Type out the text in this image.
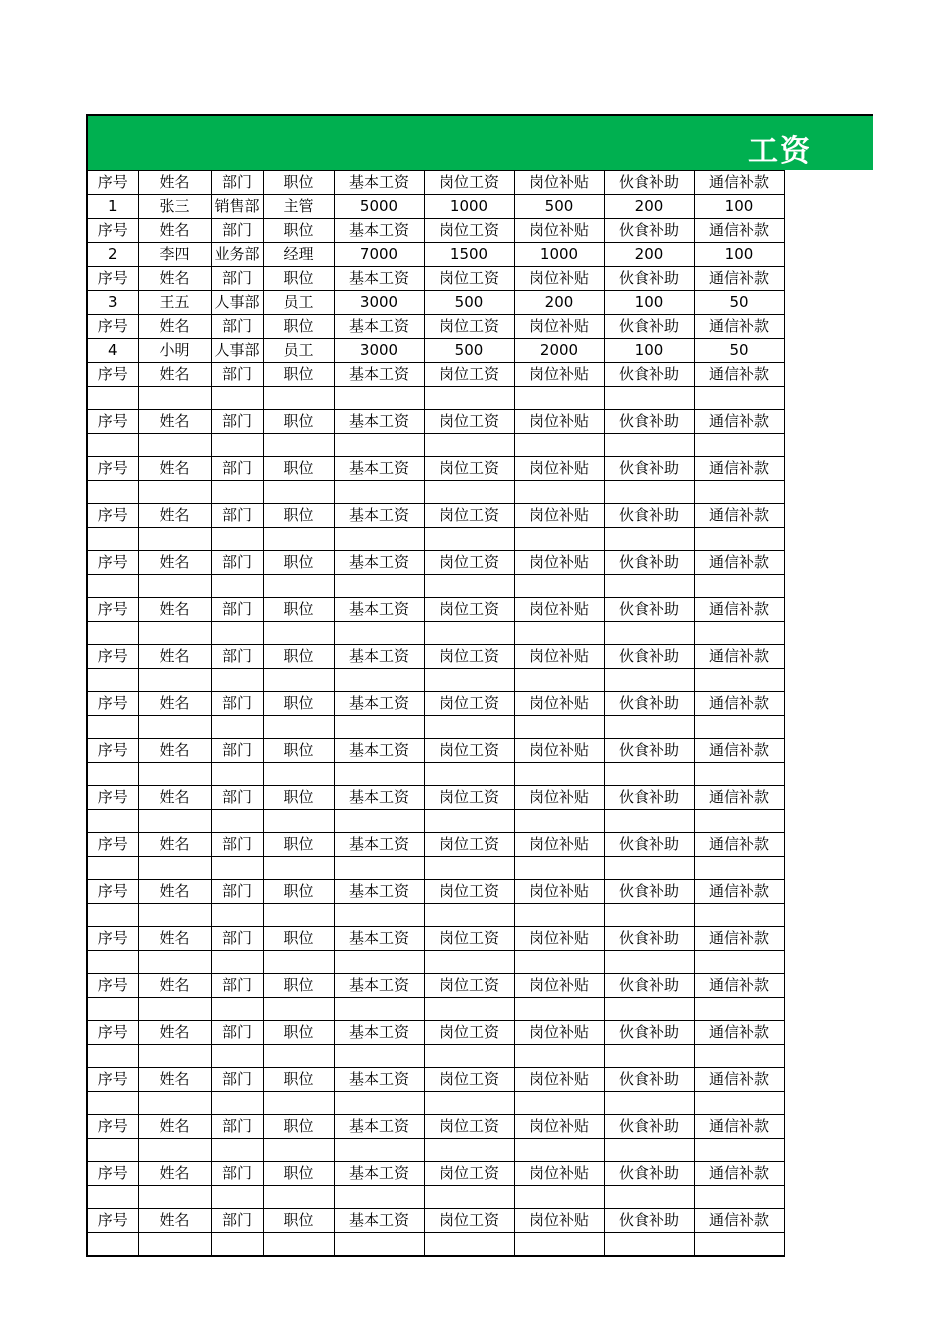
工资
序号	姓名	部门	职位	基本工资	岗位工资	岗位补贴	伙食补助	通信补款
1	张三	销售部	主管	5000	1000	500	200	100
序号	姓名	部门	职位	基本工资	岗位工资	岗位补贴	伙食补助	通信补款
2	李四	业务部	经理	7000	1500	1000	200	100
序号	姓名	部门	职位	基本工资	岗位工资	岗位补贴	伙食补助	通信补款
3	王五	人事部	员工	3000	500	200	100	50
序号	姓名	部门	职位	基本工资	岗位工资	岗位补贴	伙食补助	通信补款
4	小明	人事部	员工	3000	500	2000	100	50
序号	姓名	部门	职位	基本工资	岗位工资	岗位补贴	伙食补助	通信补款

序号	姓名	部门	职位	基本工资	岗位工资	岗位补贴	伙食补助	通信补款

序号	姓名	部门	职位	基本工资	岗位工资	岗位补贴	伙食补助	通信补款

序号	姓名	部门	职位	基本工资	岗位工资	岗位补贴	伙食补助	通信补款

序号	姓名	部门	职位	基本工资	岗位工资	岗位补贴	伙食补助	通信补款

序号	姓名	部门	职位	基本工资	岗位工资	岗位补贴	伙食补助	通信补款

序号	姓名	部门	职位	基本工资	岗位工资	岗位补贴	伙食补助	通信补款

序号	姓名	部门	职位	基本工资	岗位工资	岗位补贴	伙食补助	通信补款

序号	姓名	部门	职位	基本工资	岗位工资	岗位补贴	伙食补助	通信补款

序号	姓名	部门	职位	基本工资	岗位工资	岗位补贴	伙食补助	通信补款

序号	姓名	部门	职位	基本工资	岗位工资	岗位补贴	伙食补助	通信补款

序号	姓名	部门	职位	基本工资	岗位工资	岗位补贴	伙食补助	通信补款

序号	姓名	部门	职位	基本工资	岗位工资	岗位补贴	伙食补助	通信补款

序号	姓名	部门	职位	基本工资	岗位工资	岗位补贴	伙食补助	通信补款

序号	姓名	部门	职位	基本工资	岗位工资	岗位补贴	伙食补助	通信补款

序号	姓名	部门	职位	基本工资	岗位工资	岗位补贴	伙食补助	通信补款

序号	姓名	部门	职位	基本工资	岗位工资	岗位补贴	伙食补助	通信补款

序号	姓名	部门	职位	基本工资	岗位工资	岗位补贴	伙食补助	通信补款

序号	姓名	部门	职位	基本工资	岗位工资	岗位补贴	伙食补助	通信补款
